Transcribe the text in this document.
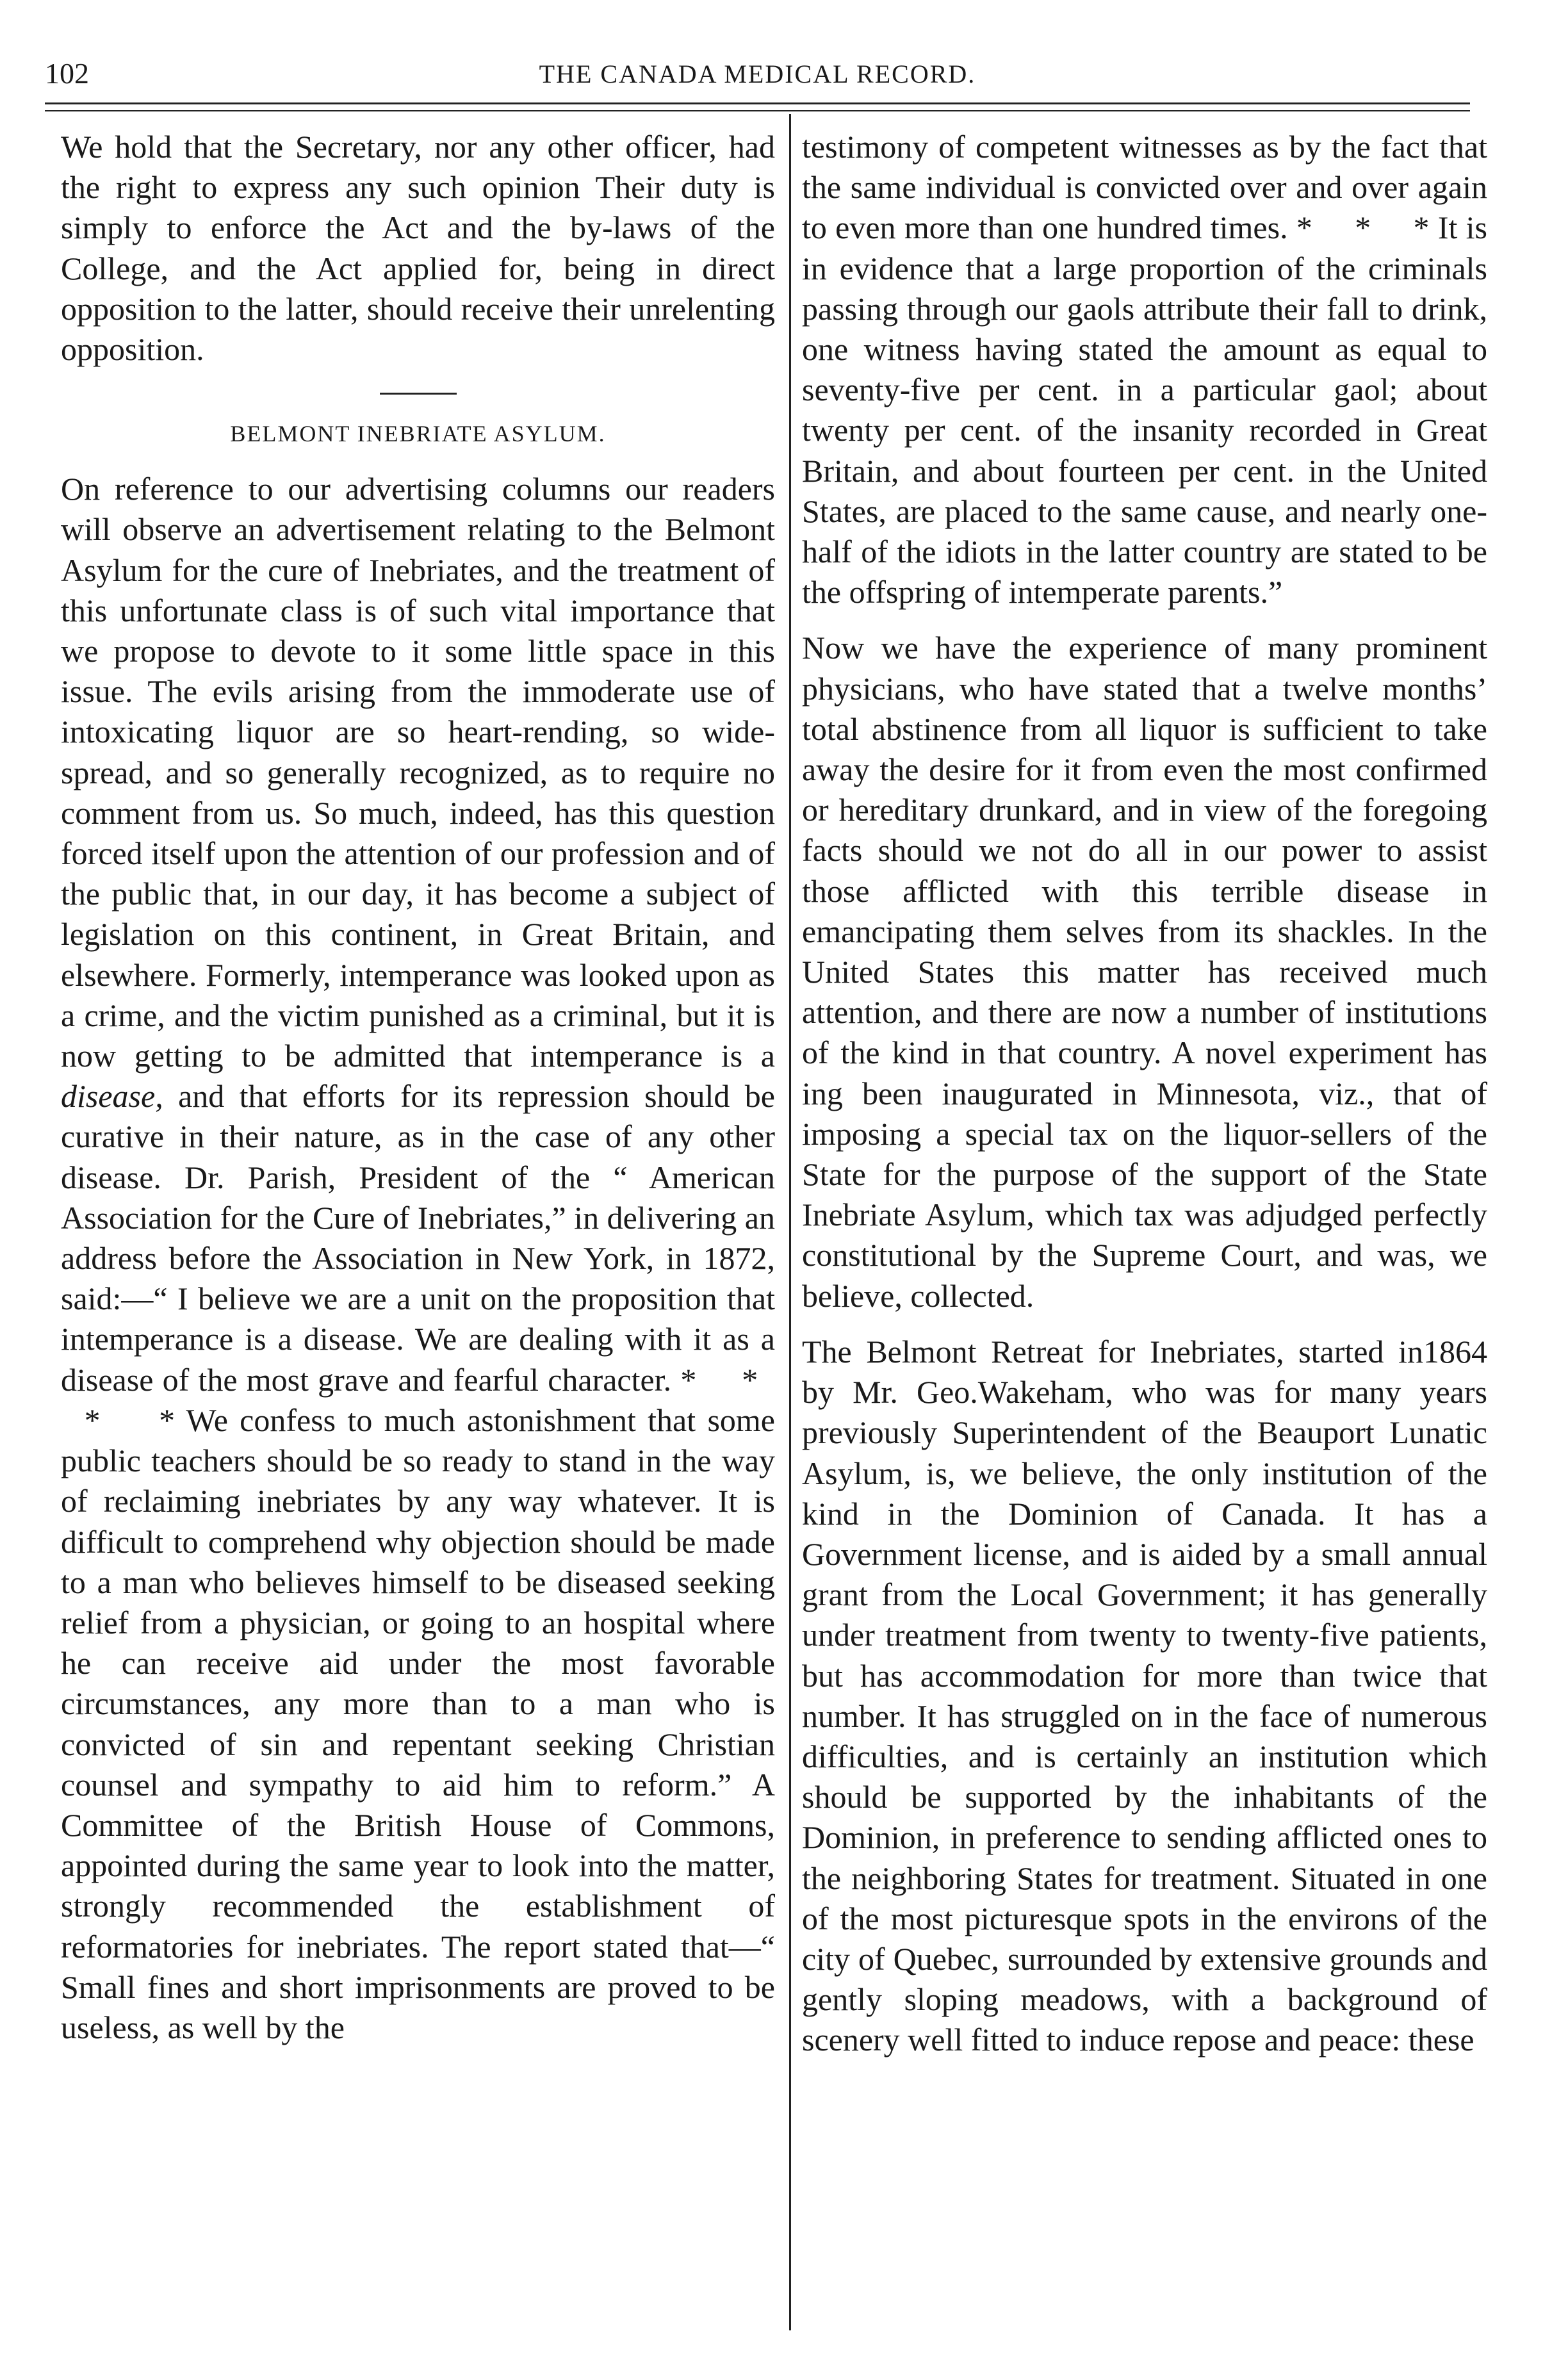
102	THE CANADA MEDICAL RECORD.

We hold that the Secretary, nor any other officer, had the right to express any such opinion Their duty is simply to enforce the Act and the by-laws of the College, and the Act applied for, being in direct opposition to the latter, should receive their unrelenting opposition.

BELMONT INEBRIATE ASYLUM.

On reference to our advertising columns our readers will observe an advertisement relating to the Belmont Asylum for the cure of Inebriates, and the treatment of this unfortunate class is of such vital importance that we propose to devote to it some little space in this issue. The evils arising from the immoderate use of intoxicating liquor are so heart-rending, so wide-spread, and so generally recognized, as to require no comment from us. So much, indeed, has this question forced itself upon the attention of our profession and of the public that, in our day, it has become a subject of legislation on this continent, in Great Britain, and elsewhere. Formerly, intemperance was looked upon as a crime, and the victim punished as a criminal, but it is now getting to be admitted that intemperance is a disease, and that efforts for its repression should be curative in their nature, as in the case of any other disease. Dr. Parish, President of the “ American Association for the Cure of Inebriates,” in delivering an address before the Association in New York, in 1872, said:—“ I believe we are a unit on the proposition that intemperance is a disease. We are dealing with it as a disease of the most grave and fearful character. *     *     *     * We confess to much astonishment that some public teachers should be so ready to stand in the way of reclaiming inebriates by any way whatever. It is difficult to comprehend why objection should be made to a man who believes himself to be diseased seeking relief from a physician, or going to an hospital where he can receive aid under the most favorable circumstances, any more than to a man who is convicted of sin and repentant seeking Christian counsel and sympathy to aid him to reform.” A Committee of the British House of Commons, appointed during the same year to look into the matter, strongly recommended the establishment of reformatories for inebriates. The report stated that—“ Small fines and short imprisonments are proved to be useless, as well by the

testimony of competent witnesses as by the fact that the same individual is convicted over and over again to even more than one hundred times. *     *     * It is in evidence that a large proportion of the criminals passing through our gaols attribute their fall to drink, one witness having stated the amount as equal to seventy-five per cent. in a particular gaol; about twenty per cent. of the insanity recorded in Great Britain, and about fourteen per cent. in the United States, are placed to the same cause, and nearly one-half of the idiots in the latter country are stated to be the offspring of intemperate parents.”

Now we have the experience of many prominent physicians, who have stated that a twelve months’ total abstinence from all liquor is sufficient to take away the desire for it from even the most confirmed or hereditary drunkard, and in view of the foregoing facts should we not do all in our power to assist those afflicted with this terrible disease in emancipating them selves from its shackles. In the United States this matter has received much attention, and there are now a number of institutions of the kind in that country. A novel experiment has ing been inaugurated in Minnesota, viz., that of imposing a special tax on the liquor-sellers of the State for the purpose of the support of the State Inebriate Asylum, which tax was adjudged perfectly constitutional by the Supreme Court, and was, we believe, collected.

The Belmont Retreat for Inebriates, started in1864 by Mr. Geo.Wakeham, who was for many years previously Superintendent of the Beauport Lunatic Asylum, is, we believe, the only institution of the kind in the Dominion of Canada. It has a Government license, and is aided by a small annual grant from the Local Government; it has generally under treatment from twenty to twenty-five patients, but has accommodation for more than twice that number. It has struggled on in the face of numerous difficulties, and is certainly an institution which should be supported by the inhabitants of the Dominion, in preference to sending afflicted ones to the neighboring States for treatment. Situated in one of the most picturesque spots in the environs of the city of Quebec, surrounded by extensive grounds and gently sloping meadows, with a background of scenery well fitted to induce repose and peace: these
